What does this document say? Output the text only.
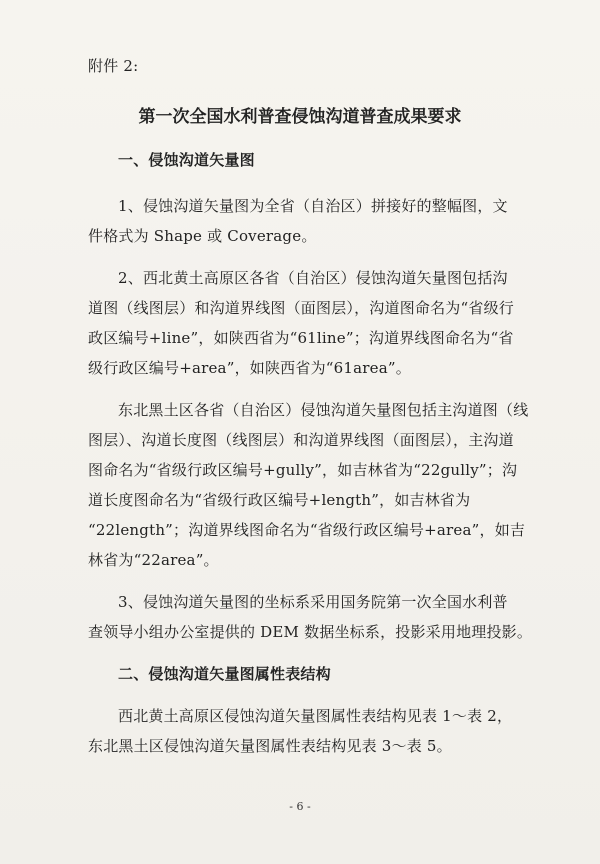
附件 2:
第一次全国水利普查侵蚀沟道普查成果要求
一、侵蚀沟道矢量图
1、侵蚀沟道矢量图为全省（自治区）拼接好的整幅图，文
件格式为 Shape 或 Coverage。
2、西北黄土高原区各省（自治区）侵蚀沟道矢量图包括沟
道图（线图层）和沟道界线图（面图层），沟道图命名为“省级行
政区编号+line”，如陕西省为“61line”；沟道界线图命名为“省
级行政区编号+area”，如陕西省为“61area”。
东北黑土区各省（自治区）侵蚀沟道矢量图包括主沟道图（线
图层）、沟道长度图（线图层）和沟道界线图（面图层），主沟道
图命名为“省级行政区编号+gully”，如吉林省为“22gully”；沟
道长度图命名为“省级行政区编号+length”，如吉林省为
“22length”；沟道界线图命名为“省级行政区编号+area”，如吉
林省为“22area”。
3、侵蚀沟道矢量图的坐标系采用国务院第一次全国水利普
查领导小组办公室提供的 DEM 数据坐标系，投影采用地理投影。
二、侵蚀沟道矢量图属性表结构
西北黄土高原区侵蚀沟道矢量图属性表结构见表 1～表 2，
东北黑土区侵蚀沟道矢量图属性表结构见表 3～表 5。
- 6 -
